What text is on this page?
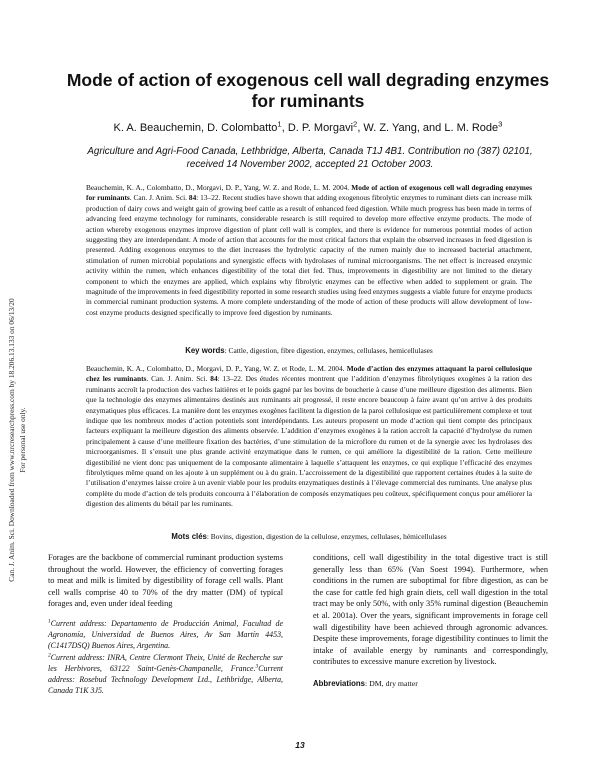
Can. J. Anim. Sci. Downloaded from www.nrcresearchpress.com by 18.206.13.133 on 06/13/20 For personal use only.
Mode of action of exogenous cell wall degrading enzymes
for ruminants
K. A. Beauchemin, D. Colombatto$^1$, D. P. Morgavi$^2$, W. Z. Yang, and L. M. Rode$^3$
Agriculture and Agri-Food Canada, Lethbridge, Alberta, Canada T1J 4B1. Contribution no (387) 02101,
received 14 November 2002, accepted 21 October 2003.
Beauchemin, K. A., Colombatto, D., Morgavi, D. P., Yang, W. Z. and Rode, L. M. 2004. Mode of action of exogenous cell wall degrading enzymes for ruminants. Can. J. Anim. Sci. 84: 13–22. Recent studies have shown that adding exogenous fibrolytic enzymes to ruminant diets can increase milk production of dairy cows and weight gain of growing beef cattle as a result of enhanced feed digestion. While much progress has been made in terms of advancing feed enzyme technology for ruminants, considerable research is still required to develop more effective enzyme products. The mode of action whereby exogenous enzymes improve digestion of plant cell wall is complex, and there is evidence for numerous potential modes of action suggesting they are interdependant. A mode of action that accounts for the most critical factors that explain the observed increases in feed digestion is presented. Adding exogenous enzymes to the diet increases the hydrolytic capacity of the rumen mainly due to increased bacterial attachment, stimulation of rumen microbial populations and synergistic effects with hydrolases of ruminal microorganisms. The net effect is increased enzymic activity within the rumen, which enhances digestibility of the total diet fed. Thus, improvements in digestibility are not limited to the dietary component to which the enzymes are applied, which explains why fibrolytic enzymes can be effective when added to supplement or grain. The magnitude of the improvements in feed digestibility reported in some research studies using feed enzymes suggests a viable future for enzyme products in commercial ruminant production systems. A more complete understanding of the mode of action of these products will allow development of low-cost enzyme products designed specifically to improve feed digestion by ruminants.
Key words: Cattle, digestion, fibre digestion, enzymes, cellulases, hemicellulases
Beauchemin, K. A., Colombatto, D., Morgavi, D. P., Yang, W. Z. et Rode, L. M. 2004. Mode d’action des enzymes attaquant la paroi cellulosique chez les ruminants. Can. J. Anim. Sci. 84: 13–22. Des études récentes montrent que l’addition d’enzymes fibrolytiques exogènes à la ration des ruminants accroît la production des vaches laitières et le poids gagné par les bovins de boucherie à cause d’une meilleure digestion des aliments. Bien que la technologie des enzymes alimentaires destinés aux ruminants ait progressé, il reste encore beaucoup à faire avant qu’on arrive à des produits enzymatiques plus efficaces. La manière dont les enzymes exogènes facilitent la digestion de la paroi cellulosique est particulièrement complexe et tout indique que les nombreux modes d’action potentiels sont interdépendants. Les auteurs proposent un mode d’action qui tient compte des principaux facteurs expliquant la meilleure digestion des aliments observée. L’addition d’enzymes exogènes à la ration accroît la capacité d’hydrolyse du rumen principalement à cause d’une meilleure fixation des bactéries, d’une stimulation de la microflore du rumen et de la synergie avec les hydrolases des microorganismes. Il s’ensuit une plus grande activité enzymatique dans le rumen, ce qui améliore la digestibilité de la ration. Cette meilleure digestibilité ne vient donc pas uniquement de la composante alimentaire à laquelle s’attaquent les enzymes, ce qui explique l’efficacité des enzymes fibrolytiques même quand on les ajoute à un supplément ou à du grain. L’accroissement de la digestibilité que rapportent certaines études à la suite de l’utilisation d’enzymes laisse croire à un avenir viable pour les produits enzymatiques destinés à l’élevage commercial des ruminants. Une analyse plus complète du mode d’action de tels produits concourra à l’élaboration de composés enzymatiques peu coûteux, spécifiquement conçus pour améliorer la digestion des aliments du bétail par les ruminants.
Mots clés: Bovins, digestion, digestion de la cellulose, enzymes, cellulases, hémicellulases

Forages are the backbone of commercial ruminant production systems throughout the world. However, the efficiency of converting forages to meat and milk is limited by digestibility of forage cell walls. Plant cell walls comprise 40 to 70% of the dry matter (DM) of typical forages and, even under ideal feeding

$^1$Current address: Departamento de Producción Animal, Facultad de Agronomía, Universidad de Buenos Aires, Av San Martín 4453, (C1417DSQ) Buenos Aires, Argentina.

$^2$Current address: INRA, Centre Clermont Theix, Unité de Recherche sur les Herbivores, 63122 Saint-Genès-Champanelle, France.$^3$Current address: Rosebud Technology Development Ltd., Lethbridge, Alberta, Canada T1K 3J5.

conditions, cell wall digestibility in the total digestive tract is still generally less than 65% (Van Soest 1994). Furthermore, when conditions in the rumen are suboptimal for fibre digestion, as can be the case for cattle fed high grain diets, cell wall digestion in the total tract may be only 50%, with only 35% ruminal digestion (Beauchemin et al. 2001a). Over the years, significant improvements in forage cell wall digestibility have been achieved through agronomic advances. Despite these improvements, forage digestibility continues to limit the intake of available energy by ruminants and correspondingly, contributes to excessive manure excretion by livestock.

Abbreviations: DM, dry matter
13
